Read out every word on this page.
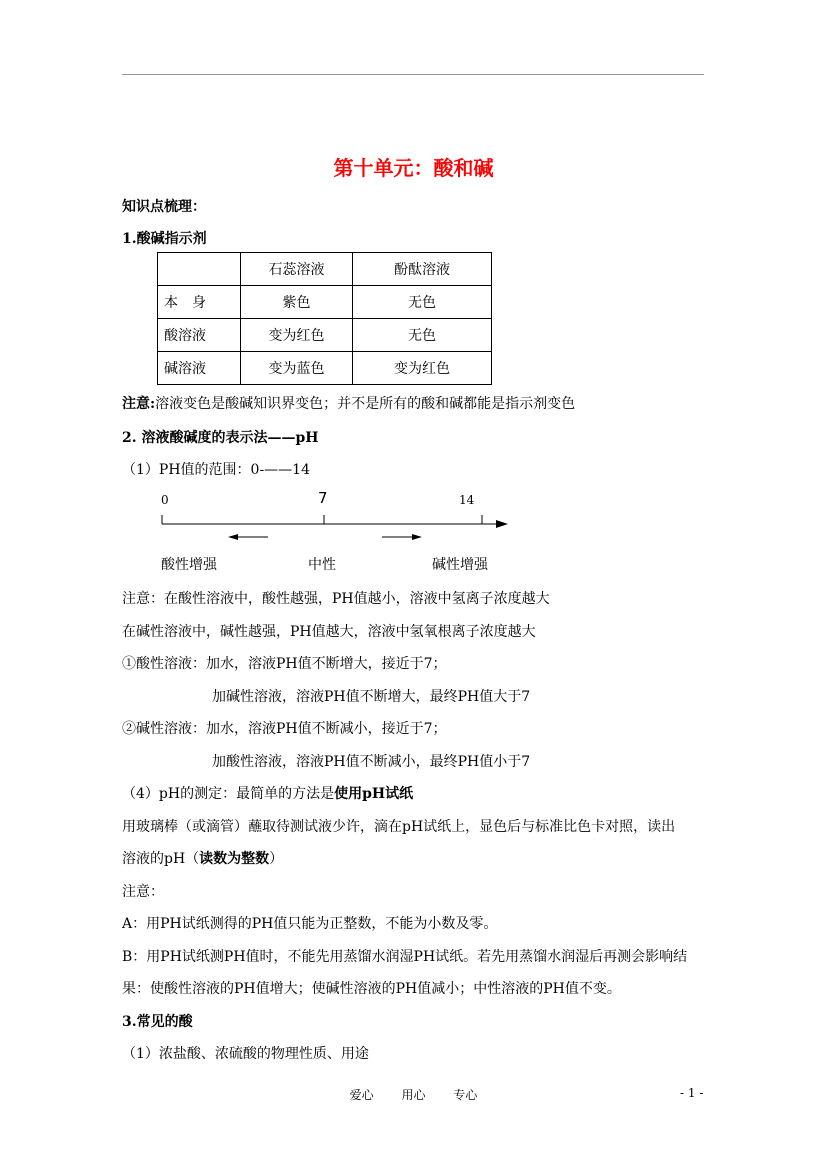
第十单元：酸和碱
知识点梳理：
1.酸碱指示剂
	石蕊溶液	酚酞溶液
本　身	紫色	无色
酸溶液	变为红色	无色
碱溶液	变为蓝色	变为红色
注意:溶液变色是酸碱知识界变色；并不是所有的酸和碱都能是指示剂变色
2. 溶液酸碱度的表示法——pH
（1）PH值的范围：0-——14
0	7	14
酸性增强	中性	碱性增强
注意：在酸性溶液中，酸性越强，PH值越小，溶液中氢离子浓度越大
在碱性溶液中，碱性越强，PH值越大，溶液中氢氧根离子浓度越大
①酸性溶液：加水，溶液PH值不断增大，接近于7；
加碱性溶液，溶液PH值不断增大，最终PH值大于7
②碱性溶液：加水，溶液PH值不断减小，接近于7；
加酸性溶液，溶液PH值不断减小，最终PH值小于7
（4）pH的测定：最简单的方法是使用pH试纸
用玻璃棒（或滴管）蘸取待测试液少许，滴在pH试纸上，显色后与标准比色卡对照，读出
溶液的pH（读数为整数）
注意：
A：用PH试纸测得的PH值只能为正整数，不能为小数及零。
B：用PH试纸测PH值时，不能先用蒸馏水润湿PH试纸。若先用蒸馏水润湿后再测会影响结
果：使酸性溶液的PH值增大；使碱性溶液的PH值减小；中性溶液的PH值不变。
3.常见的酸
（1）浓盐酸、浓硫酸的物理性质、用途
爱心 用心 专心	- 1 -
